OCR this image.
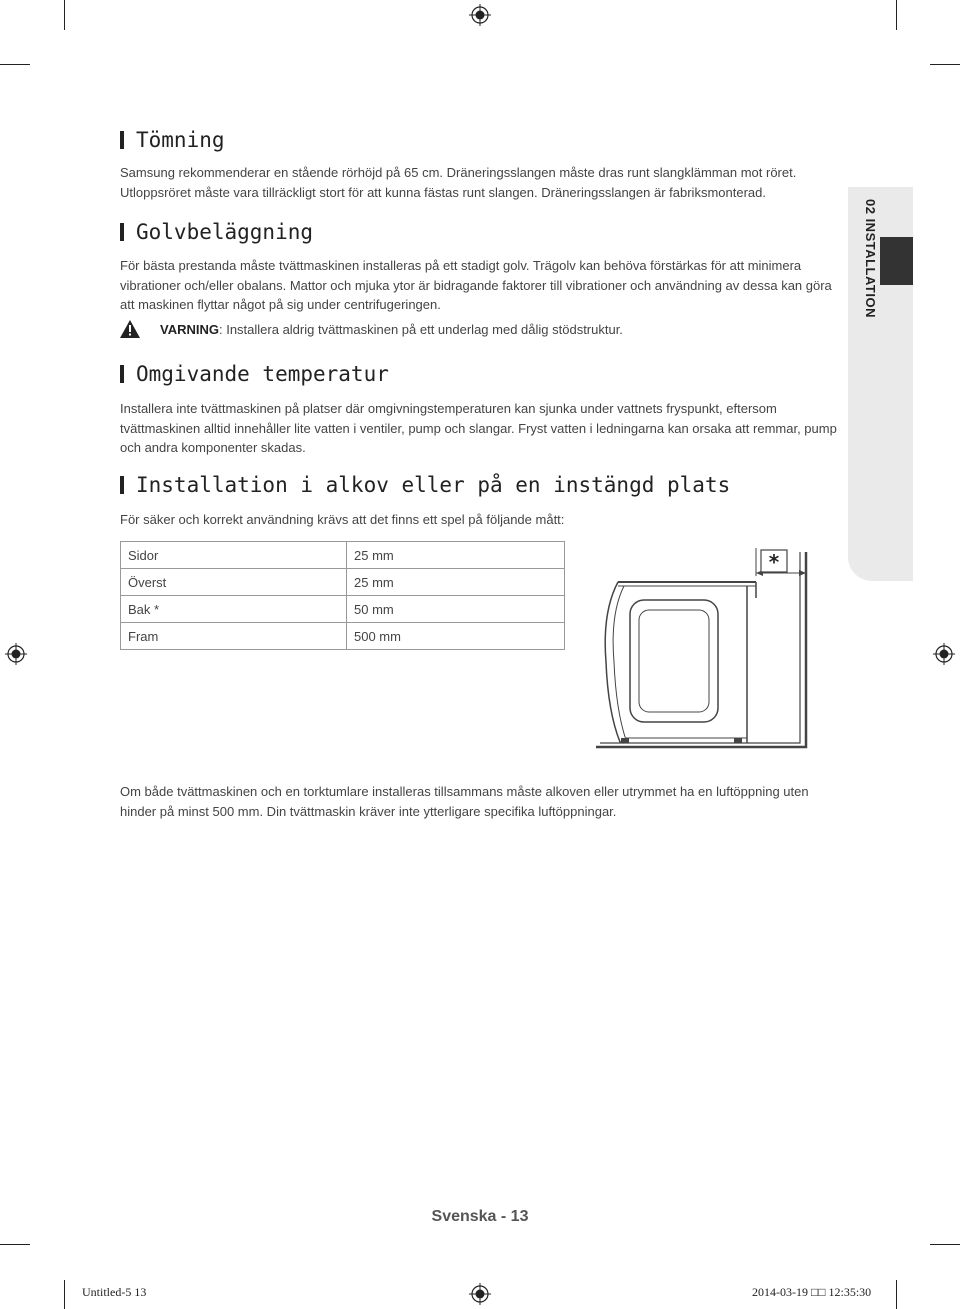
Tömning
Samsung rekommenderar en stående rörhöjd på 65 cm. Dräneringsslangen måste dras runt slangklämman mot röret.
Utloppsröret måste vara tillräckligt stort för att kunna fästas runt slangen. Dräneringsslangen är fabriksmonterad.
Golvbeläggning
För bästa prestanda måste tvättmaskinen installeras på ett stadigt golv. Trägolv kan behöva förstärkas för att minimera
vibrationer och/eller obalans. Mattor och mjuka ytor är bidragande faktorer till vibrationer och användning av dessa kan göra
att maskinen flyttar något på sig under centrifugeringen.
VARNING: Installera aldrig tvättmaskinen på ett underlag med dålig stödstruktur.
Omgivande temperatur
Installera inte tvättmaskinen på platser där omgivningstemperaturen kan sjunka under vattnets fryspunkt, eftersom
tvättmaskinen alltid innehåller lite vatten i ventiler, pump och slangar. Fryst vatten i ledningarna kan orsaka att remmar, pump
och andra komponenter skadas.
Installation i alkov eller på en instängd plats
För säker och korrekt användning krävs att det finns ett spel på följande mått:
Sidor	25 mm
Överst	25 mm
Bak *	50 mm
Fram	500 mm
*
Om både tvättmaskinen och en torktumlare installeras tillsammans måste alkoven eller utrymmet ha en luftöppning uten
hinder på minst 500 mm. Din tvättmaskin kräver inte ytterligare specifika luftöppningar.
02 INSTALLATION
Svenska - 13
Untitled-5 13	2014-03-19 □□ 12:35:30
